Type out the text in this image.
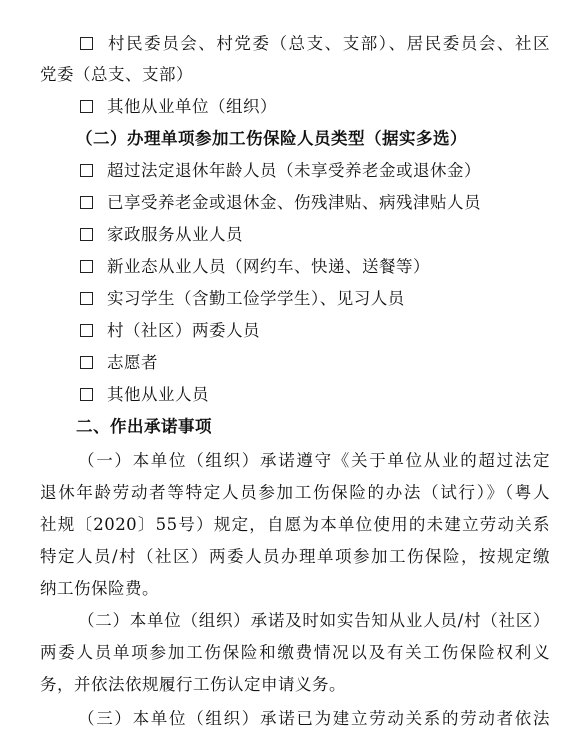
村民委员会、村党委（总支、支部）、居民委员会、社区
党委（总支、支部）
其他从业单位（组织）
（二）办理单项参加工伤保险人员类型（据实多选）
超过法定退休年龄人员（未享受养老金或退休金）
已享受养老金或退休金、伤残津贴、病残津贴人员
家政服务从业人员
新业态从业人员（网约车、快递、送餐等）
实习学生（含勤工俭学学生）、见习人员
村（社区）两委人员
志愿者
其他从业人员
二、作出承诺事项
（一）本单位（组织）承诺遵守《关于单位从业的超过法定
退休年龄劳动者等特定人员参加工伤保险的办法（试行）》（粤人
社规〔2020〕55号）规定，自愿为本单位使用的未建立劳动关系
特定人员/村（社区）两委人员办理单项参加工伤保险，按规定缴
纳工伤保险费。
（二）本单位（组织）承诺及时如实告知从业人员/村（社区）
两委人员单项参加工伤保险和缴费情况以及有关工伤保险权利义
务，并依法依规履行工伤认定申请义务。
（三）本单位（组织）承诺已为建立劳动关系的劳动者依法
